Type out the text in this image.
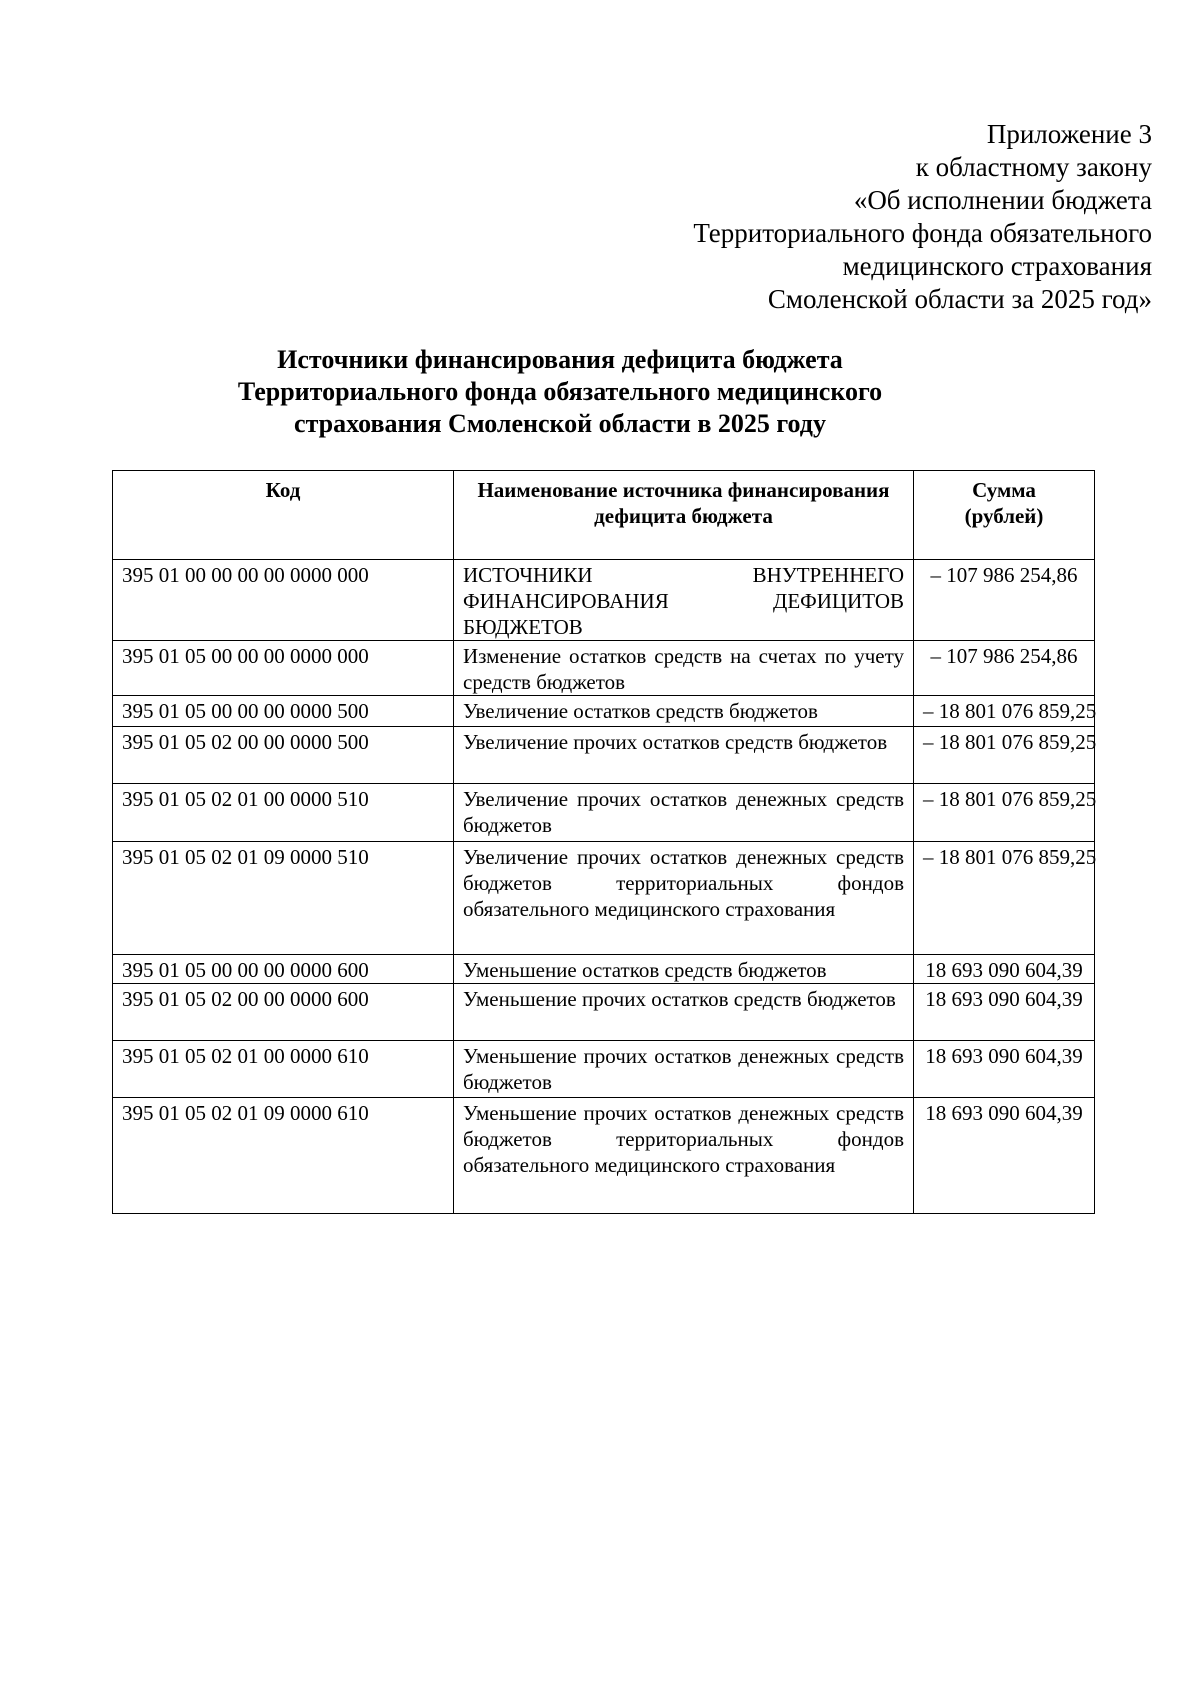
Приложение 3
к областному закону
«Об исполнении бюджета
Территориального фонда обязательного
медицинского страхования
Смоленской области за 2025 год»
Источники финансирования дефицита бюджета
Территориального фонда обязательного медицинского
страхования Смоленской области в 2025 году
Код	Наименование источника финансирования дефицита бюджета	Сумма
(рублей)

395 01 00 00 00 00 0000 000	ИСТОЧНИКИ ВНУТРЕННЕГО ФИНАНСИРОВАНИЯ ДЕФИЦИТОВ БЮДЖЕТОВ	– 107 986 254,86
395 01 05 00 00 00 0000 000	Изменение остатков средств на счетах по учету средств бюджетов	– 107 986 254,86
395 01 05 00 00 00 0000 500	Увеличение остатков средств бюджетов	– 18 801 076 859,25
395 01 05 02 00 00 0000 500	Увеличение прочих остатков средств бюджетов	– 18 801 076 859,25
395 01 05 02 01 00 0000 510	Увеличение прочих остатков денежных средств бюджетов	– 18 801 076 859,25
395 01 05 02 01 09 0000 510	Увеличение прочих остатков денежных средств бюджетов территориальных фондов обязательного медицинского страхования	– 18 801 076 859,25
395 01 05 00 00 00 0000 600	Уменьшение остатков средств бюджетов	18 693 090 604,39
395 01 05 02 00 00 0000 600	Уменьшение прочих остатков средств бюджетов	18 693 090 604,39
395 01 05 02 01 00 0000 610	Уменьшение прочих остатков денежных средств бюджетов	18 693 090 604,39
395 01 05 02 01 09 0000 610	Уменьшение прочих остатков денежных средств бюджетов территориальных фондов обязательного медицинского страхования	18 693 090 604,39
